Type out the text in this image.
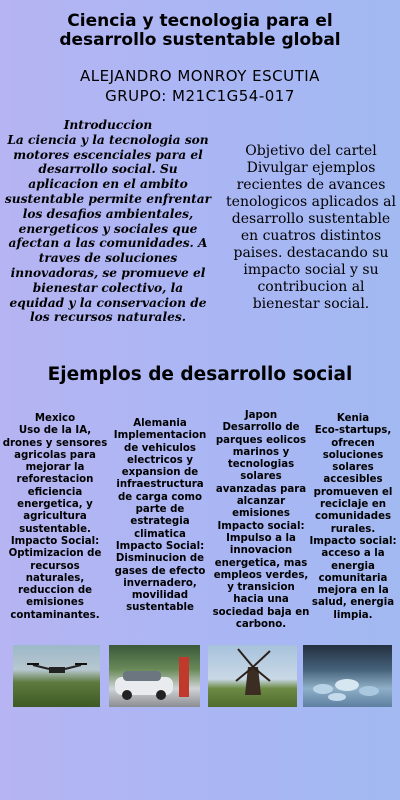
Ciencia y tecnologia para el
desarrollo sustentable global
ALEJANDRO MONROY ESCUTIA
GRUPO: M21C1G54-017
Introduccion
La ciencia y la tecnologia son motores escenciales para el desarrollo social. Su aplicacion en el ambito sustentable permite enfrentar los desafios ambientales, energeticos y sociales que afectan a las comunidades. A traves de soluciones innovadoras, se promueve el bienestar colectivo, la equidad y la conservacion de los recursos naturales.
Objetivo del cartel Divulgar ejemplos recientes de avances tenologicos aplicados al desarrollo sustentable en cuatros distintos paises. destacando su impacto social y su contribucion al bienestar social.
Ejemplos de desarrollo social
Mexico
Uso de la IA, drones y sensores agricolas para mejorar la reforestacion eficiencia energetica, y agricultura sustentable.
Impacto Social: Optimizacion de recursos naturales, reduccion de emisiones contaminantes.
Alemania
Implementacion de vehiculos electricos y expansion de infraestructura de carga como parte de estrategia climatica
Impacto Social: Disminucion de gases de efecto invernadero, movilidad sustentable
Japon
Desarrollo de parques eolicos marinos y tecnologias solares avanzadas para alcanzar emisiones
Impacto social: Impulso a la innovacion energetica, mas empleos verdes, y transicion hacia una sociedad baja en carbono.
Kenia
Eco-startups, ofrecen soluciones solares accesibles promueven el reciclaje en comunidades rurales.
Impacto social: acceso a la energia comunitaria mejora en la salud, energia limpia.
